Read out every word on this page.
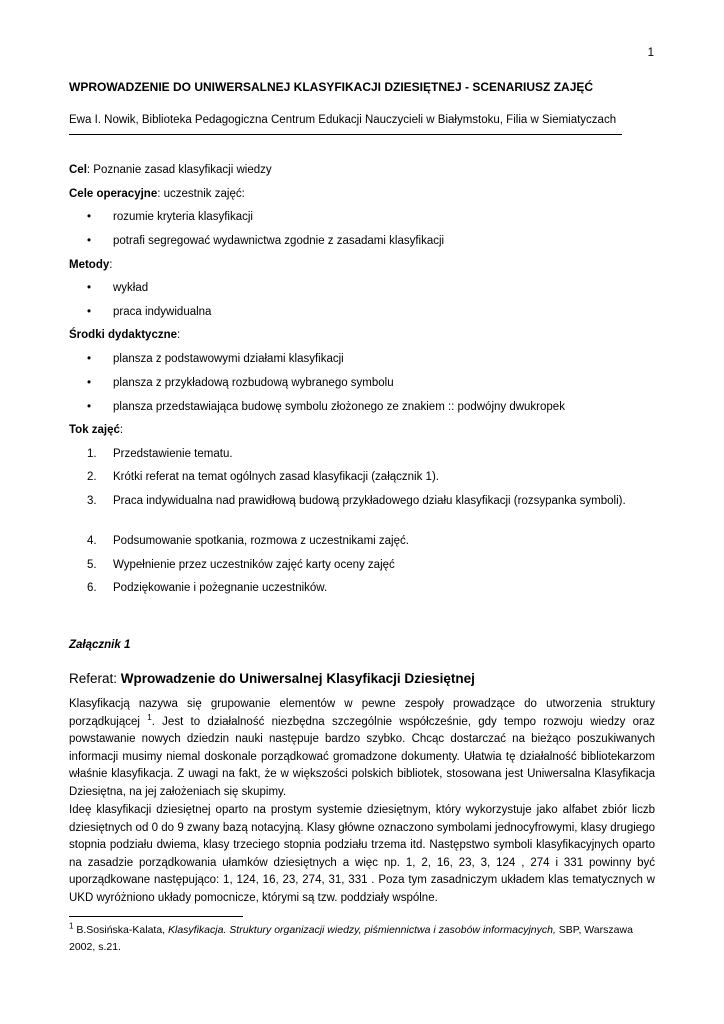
1
WPROWADZENIE DO UNIWERSALNEJ KLASYFIKACJI DZIESIĘTNEJ - SCENARIUSZ ZAJĘĆ
Ewa I. Nowik, Biblioteka Pedagogiczna Centrum Edukacji Nauczycieli w Białymstoku, Filia w Siemiatyczach
Cel: Poznanie zasad klasyfikacji wiedzy
Cele operacyjne: uczestnik zajęć:
• rozumie kryteria klasyfikacji
• potrafi segregować wydawnictwa zgodnie z zasadami klasyfikacji
Metody:
• wykład
• praca indywidualna
Środki dydaktyczne:
• plansza z podstawowymi działami klasyfikacji
• plansza z przykładową rozbudową wybranego symbolu
• plansza przedstawiająca budowę symbolu złożonego ze znakiem :: podwójny dwukropek
Tok zajęć:
1. Przedstawienie tematu.
2. Krótki referat na temat ogólnych zasad klasyfikacji (załącznik 1).
3. Praca indywidualna nad prawidłową budową przykładowego działu klasyfikacji (rozsypanka symboli).
4. Podsumowanie spotkania, rozmowa z uczestnikami zajęć.
5. Wypełnienie przez uczestników zajęć karty oceny zajęć
6. Podziękowanie i pożegnanie uczestników.
Załącznik 1
Referat: Wprowadzenie do Uniwersalnej Klasyfikacji Dziesiętnej
Klasyfikacją nazywa się grupowanie elementów w pewne zespoły prowadzące do utworzenia struktury porządkującej $^1$. Jest to działalność niezbędna szczególnie współcześnie, gdy tempo rozwoju wiedzy oraz powstawanie nowych dziedzin nauki następuje bardzo szybko. Chcąc dostarczać na bieżąco poszukiwanych informacji musimy niemal doskonale porządkować gromadzone dokumenty. Ułatwia tę działalność bibliotekarzom właśnie klasyfikacja. Z uwagi na fakt, że w większości polskich bibliotek, stosowana jest Uniwersalna Klasyfikacja Dziesiętna, na jej założeniach się skupimy.
Ideę klasyfikacji dziesiętnej oparto na prostym systemie dziesiętnym, który wykorzystuje jako alfabet zbiór liczb dziesiętnych od 0 do 9 zwany bazą notacyjną. Klasy główne oznaczono symbolami jednocyfrowymi, klasy drugiego stopnia podziału dwiema, klasy trzeciego stopnia podziału trzema itd. Następstwo symboli klasyfikacyjnych oparto na zasadzie porządkowania ułamków dziesiętnych a więc np. 1, 2, 16, 23, 3, 124 , 274 i 331 powinny być uporządkowane następująco: 1, 124, 16, 23, 274, 31, 331 . Poza tym zasadniczym układem klas tematycznych w UKD wyróżniono układy pomocnicze, którymi są tzw. poddziały wspólne.
$^1$ B.Sosińska-Kalata, Klasyfikacja. Struktury organizacji wiedzy, piśmiennictwa i zasobów informacyjnych, SBP, Warszawa 2002, s.21.
